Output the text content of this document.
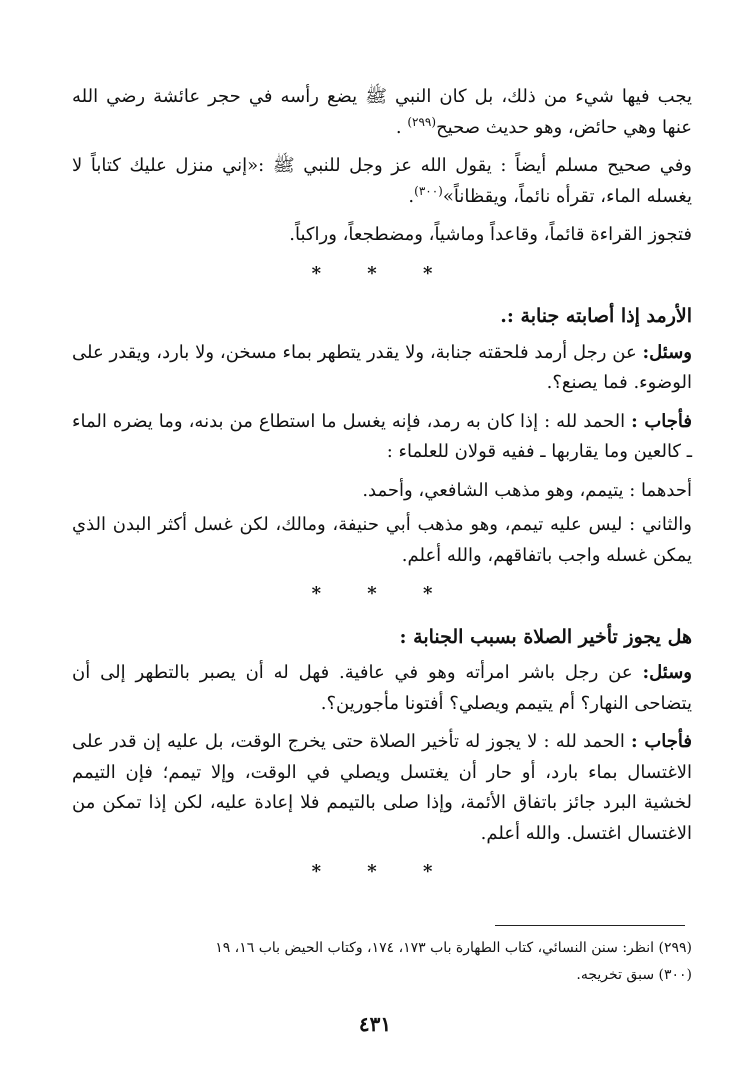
يجب فيها شيء من ذلك، بل كان النبي ﷺ يضع رأسه في حجر عائشة رضي الله عنها وهي حائض، وهو حديث صحيح$^{(٢٩٩)}$ .

وفي صحيح مسلم أيضاً : يقول الله عز وجل للنبي ﷺ :«إني منزل عليك كتاباً لا يغسله الماء، تقرأه نائماً، ويقظاناً»$^{(٣٠٠)}$.

فتجوز القراءة قائماً، وقاعداً وماشياً، ومضطجعاً، وراكباً.

* * *
الأرمد إذا أصابته جنابة :.

وسئل: عن رجل أرمد فلحقته جنابة، ولا يقدر يتطهر بماء مسخن، ولا بارد، ويقدر على الوضوء. فما يصنع؟.

فأجاب : الحمد لله : إذا كان به رمد، فإنه يغسل ما استطاع من بدنه، وما يضره الماء ـ كالعين وما يقاربها ـ ففيه قولان للعلماء :

أحدهما : يتيمم، وهو مذهب الشافعي، وأحمد.

والثاني : ليس عليه تيمم، وهو مذهب أبي حنيفة، ومالك، لكن غسل أكثر البدن الذي يمكن غسله واجب باتفاقهم، والله أعلم.

* * *
هل يجوز تأخير الصلاة بسبب الجنابة :

وسئل: عن رجل باشر امرأته وهو في عافية. فهل له أن يصبر بالتطهر إلى أن يتضاحى النهار؟ أم يتيمم ويصلي؟ أفتونا مأجورين؟.

فأجاب : الحمد لله : لا يجوز له تأخير الصلاة حتى يخرج الوقت، بل عليه إن قدر على الاغتسال بماء بارد، أو حار أن يغتسل ويصلي في الوقت، وإلا تيمم؛ فإن التيمم لخشية البرد جائز باتفاق الأئمة، وإذا صلى بالتيمم فلا إعادة عليه، لكن إذا تمكن من الاغتسال اغتسل. والله أعلم.

* * *

(٢٩٩) انظر: سنن النسائي، كتاب الطهارة باب ١٧٣، ١٧٤، وكتاب الحيض باب ١٦، ١٩

(٣٠٠) سبق تخريجه.

٤٣١
